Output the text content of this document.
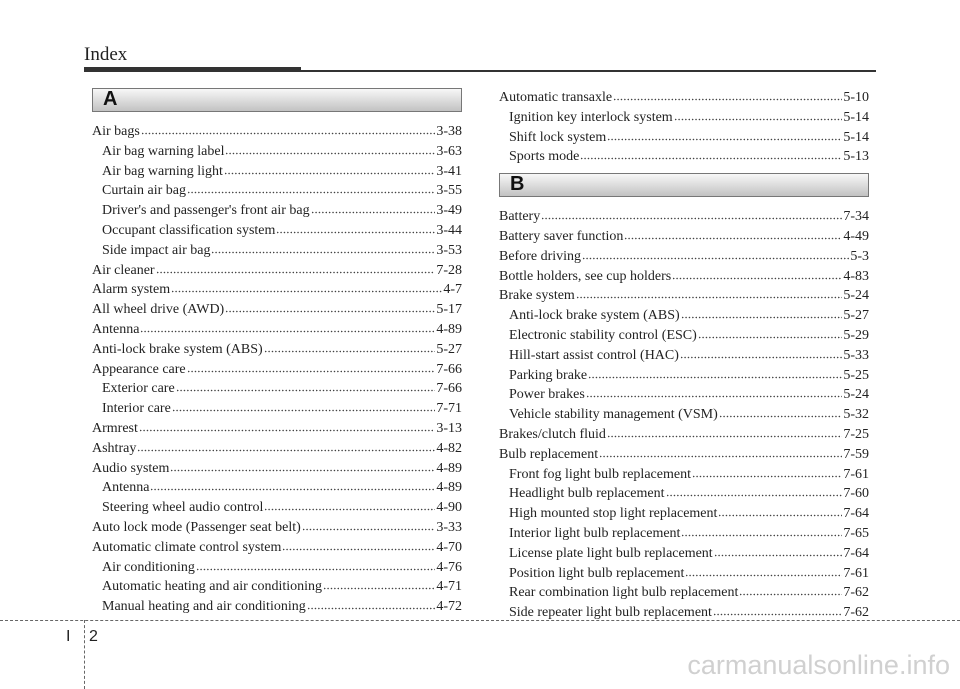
Index
A
Air bags	3-38
Air bag warning label	3-63
Air bag warning light	3-41
Curtain air bag	3-55
Driver's and passenger's front air bag	3-49
Occupant classification system	3-44
Side impact air bag	3-53
Air cleaner	7-28
Alarm system	4-7
All wheel drive (AWD)	5-17
Antenna	4-89
Anti-lock brake system (ABS)	5-27
Appearance care	7-66
Exterior care	7-66
Interior care	7-71
Armrest	3-13
Ashtray	4-82
Audio system	4-89
Antenna	4-89
Steering wheel audio control	4-90
Auto lock mode (Passenger seat belt)	3-33
Automatic climate control system	4-70
Air conditioning	4-76
Automatic heating and air conditioning	4-71
Manual heating and air conditioning	4-72
Automatic transaxle	5-10
Ignition key interlock system	5-14
Shift lock system	5-14
Sports mode	5-13
B
Battery	7-34
Battery saver function	4-49
Before driving	5-3
Bottle holders, see cup holders	4-83
Brake system	5-24
Anti-lock brake system (ABS)	5-27
Electronic stability control (ESC)	5-29
Hill-start assist control (HAC)	5-33
Parking brake	5-25
Power brakes	5-24
Vehicle stability management (VSM)	5-32
Brakes/clutch fluid	7-25
Bulb replacement	7-59
Front fog light bulb replacement	7-61
Headlight bulb replacement	7-60
High mounted stop light replacement	7-64
Interior light bulb replacement	7-65
License plate light bulb replacement	7-64
Position light bulb replacement	7-61
Rear combination light bulb replacement	7-62
Side repeater light bulb replacement	7-62
I 2
carmanualsonline.info
